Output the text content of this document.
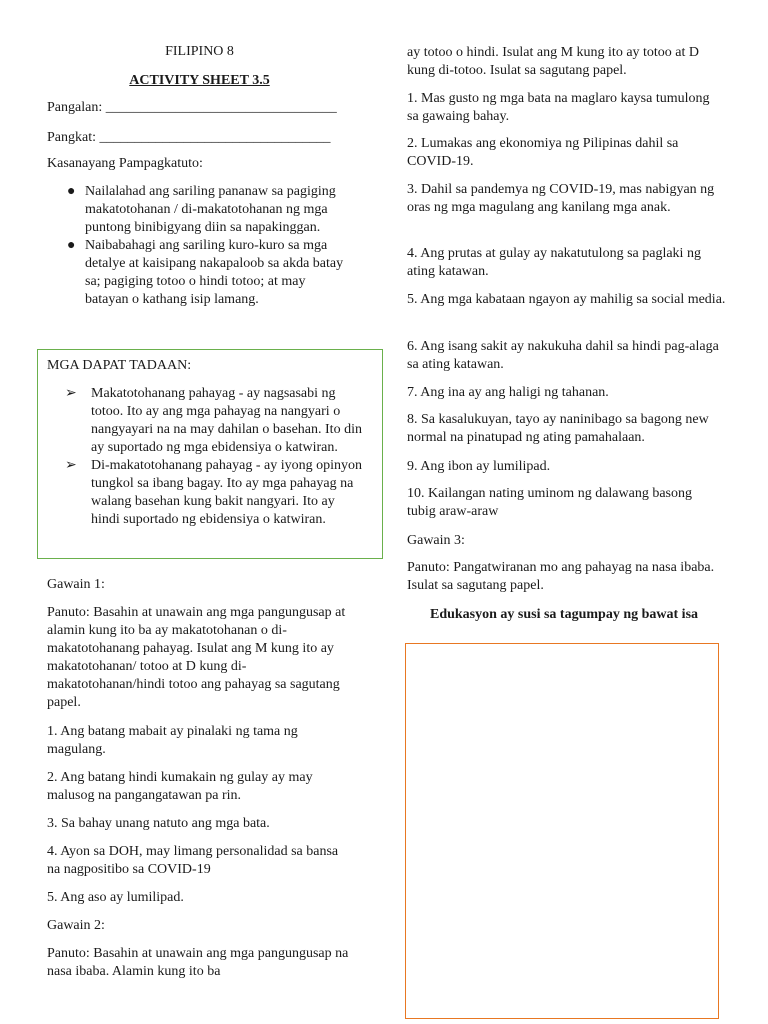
FILIPINO 8

ACTIVITY SHEET 3.5

Pangalan: _________________________________

Pangkat: _________________________________

Kasanayang Pampagkatuto:

● Nailalahad ang sariling pananaw sa pagiging makatotohanan / di-makatotohanan ng mga puntong binibigyang diin sa napakinggan.
● Naibabahagi ang sariling kuro-kuro sa mga detalye at kaisipang nakapaloob sa akda batay sa; pagiging totoo o hindi totoo; at may batayan o kathang isip lamang.

MGA DAPAT TADAAN:

➢ Makatotohanang pahayag - ay nagsasabi ng totoo. Ito ay ang mga pahayag na nangyari o nangyayari na na may dahilan o basehan. Ito din ay suportado ng mga ebidensiya o katwiran.
➢ Di-makatotohanang pahayag - ay iyong opinyon tungkol sa ibang bagay. Ito ay mga pahayag na walang basehan kung bakit nangyari. Ito ay hindi suportado ng ebidensiya o katwiran.

Gawain 1:

Panuto: Basahin at unawain ang mga pangungusap at alamin kung ito ba ay makatotohanan o di-makatotohanang pahayag. Isulat ang M kung ito ay makatotohanan/ totoo at D kung di-makatotohanan/hindi totoo ang pahayag sa sagutang papel.

1. Ang batang mabait ay pinalaki ng tama ng magulang.

2. Ang batang hindi kumakain ng gulay ay may malusog na pangangatawan pa rin.

3. Sa bahay unang natuto ang mga bata.

4. Ayon sa DOH, may limang personalidad sa bansa na nagpositibo sa COVID-19

5. Ang aso ay lumilipad.

Gawain 2:

Panuto: Basahin at unawain ang mga pangungusap na nasa ibaba. Alamin kung ito ba

ay totoo o hindi. Isulat ang M kung ito ay totoo at D kung di-totoo. Isulat sa sagutang papel.

1. Mas gusto ng mga bata na maglaro kaysa tumulong sa gawaing bahay.

2. Lumakas ang ekonomiya ng Pilipinas dahil sa COVID-19.

3. Dahil sa pandemya ng COVID-19, mas nabigyan ng oras ng mga magulang ang kanilang mga anak.

4. Ang prutas at gulay ay nakatutulong sa paglaki ng ating katawan.

5. Ang mga kabataan ngayon ay mahilig sa social media.

6. Ang isang sakit ay nakukuha dahil sa hindi pag-alaga sa ating katawan.

7. Ang ina ay ang haligi ng tahanan.

8. Sa kasalukuyan, tayo ay naninibago sa bagong new normal na pinatupad ng ating pamahalaan.

9. Ang ibon ay lumilipad.

10. Kailangan nating uminom ng dalawang basong tubig araw-araw

Gawain 3:

Panuto: Pangatwiranan mo ang pahayag na nasa ibaba. Isulat sa sagutang papel.

Edukasyon ay susi sa tagumpay ng bawat isa
